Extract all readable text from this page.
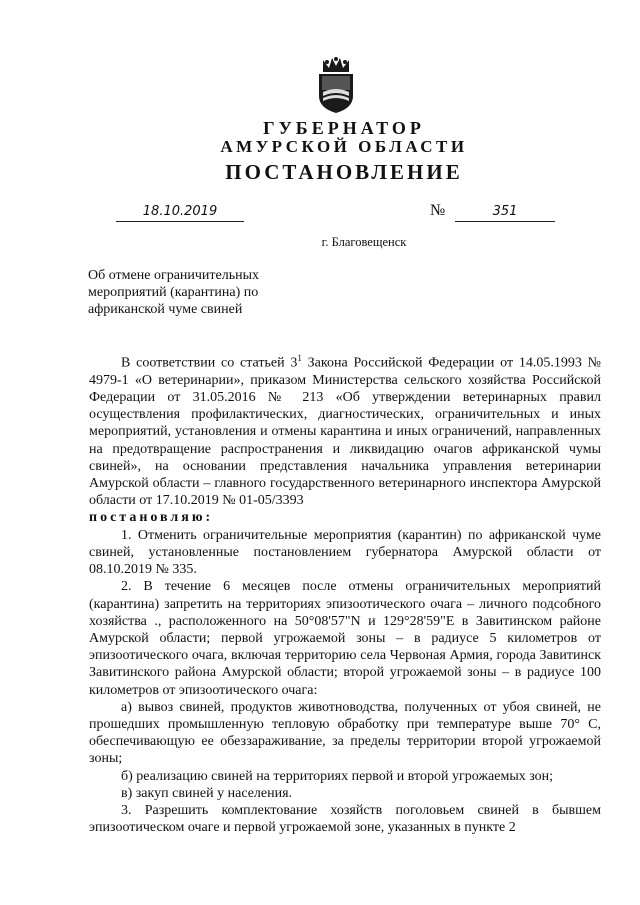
ГУБЕРНАТОР
АМУРСКОЙ ОБЛАСТИ
ПОСТАНОВЛЕНИЕ
18.10.2019	№	351
г. Благовещенск
Об отмене ограничительных мероприятий (карантина) по африканской чуме свиней

В соответствии со статьей $3^1$ Закона Российской Федерации от 14.05.1993 № 4979-1 «О ветеринарии», приказом Министерства сельского хозяйства Российской Федерации от 31.05.2016 № 213 «Об утверждении ветеринарных правил осуществления профилактических, диагностических, ограничительных и иных мероприятий, установления и отмены карантина и иных ограничений, направленных на предотвращение распространения и ликвидацию очагов африканской чумы свиней», на основании представления начальника управления ветеринарии Амурской области – главного государственного ветеринарного инспектора Амурской области от 17.10.2019 № 01-05/3393

постановляю:

1. Отменить ограничительные мероприятия (карантин) по африканской чуме свиней, установленные постановлением губернатора Амурской области от 08.10.2019 № 335.

2. В течение 6 месяцев после отмены ограничительных мероприятий (карантина) запретить на территориях эпизоотического очага – личного подсобного хозяйства ., расположенного на 50°08'57"N и 129°28'59"Е в Завитинском районе Амурской области; первой угрожаемой зоны – в радиусе 5 километров от эпизоотического очага, включая территорию села Червоная Армия, города Завитинск Завитинского района Амурской области; второй угрожаемой зоны – в радиусе 100 километров от эпизоотического очага:

а) вывоз свиней, продуктов животноводства, полученных от убоя свиней, не прошедших промышленную тепловую обработку при температуре выше 70° С, обеспечивающую ее обеззараживание, за пределы территории второй угрожаемой зоны;

б) реализацию свиней на территориях первой и второй угрожаемых зон;

в) закуп свиней у населения.

3. Разрешить комплектование хозяйств поголовьем свиней в бывшем эпизоотическом очаге и первой угрожаемой зоне, указанных в пункте 2
